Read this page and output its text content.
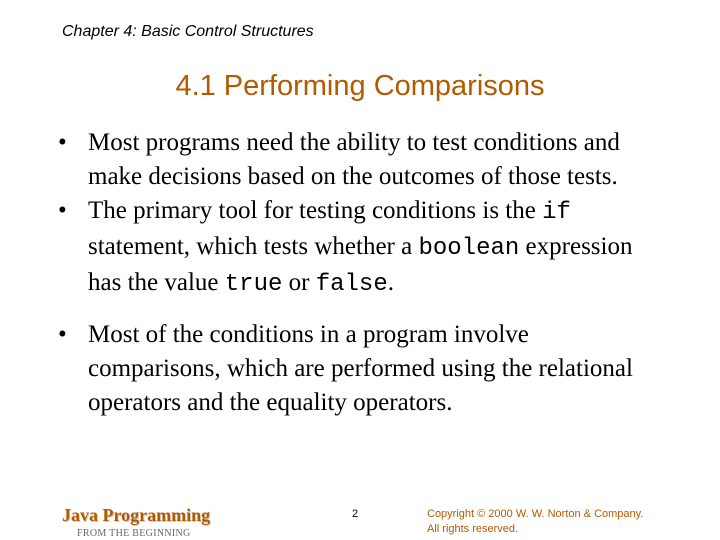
Chapter 4: Basic Control Structures
4.1 Performing Comparisons
• Most programs need the ability to test conditions and make decisions based on the outcomes of those tests.
• The primary tool for testing conditions is the if statement, which tests whether a boolean expression has the value true or false.
• Most of the conditions in a program involve comparisons, which are performed using the relational operators and the equality operators.
Java Programming
FROM THE BEGINNING
2	Copyright © 2000 W. W. Norton & Company.
All rights reserved.
